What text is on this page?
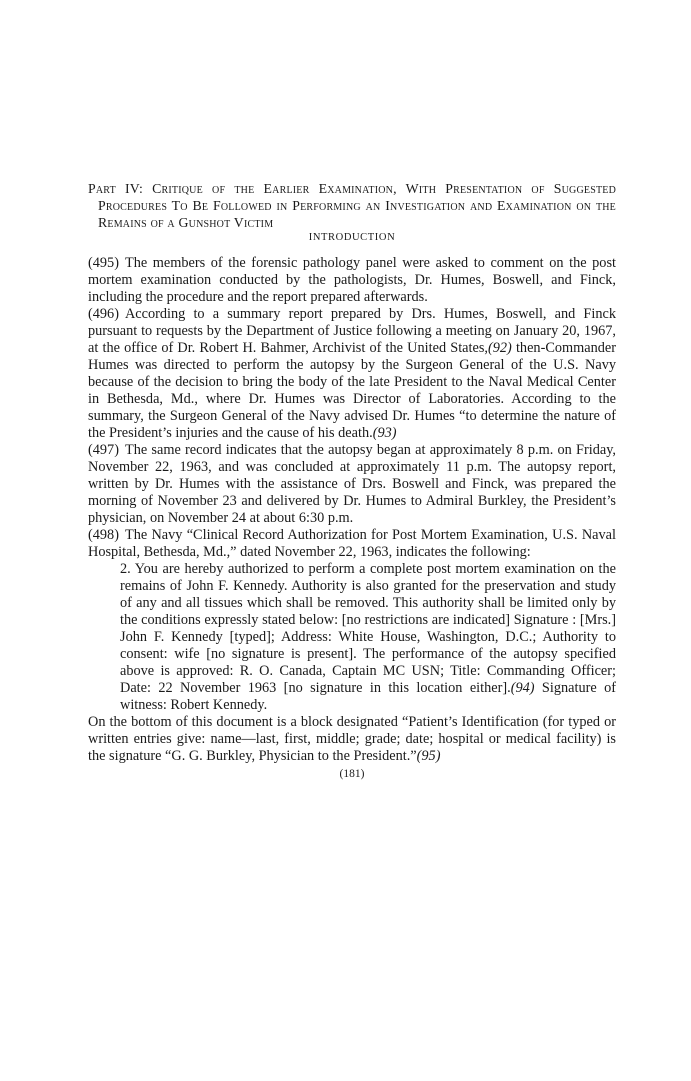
Part IV: Critique of the Earlier Examination, With Presentation of Suggested Procedures To Be Followed in Performing an Investigation and Examination on the Remains of a Gunshot Victim

INTRODUCTION

(495) The members of the forensic pathology panel were asked to comment on the post mortem examination conducted by the pathologists, Dr. Humes, Boswell, and Finck, including the procedure and the report prepared afterwards.

(496) According to a summary report prepared by Drs. Humes, Boswell, and Finck pursuant to requests by the Department of Justice following a meeting on January 20, 1967, at the office of Dr. Robert H. Bahmer, Archivist of the United States,(92) then-Commander Humes was directed to perform the autopsy by the Surgeon General of the U.S. Navy because of the decision to bring the body of the late President to the Naval Medical Center in Bethesda, Md., where Dr. Humes was Director of Laboratories. According to the summary, the Surgeon General of the Navy advised Dr. Humes “to determine the nature of the President’s injuries and the cause of his death.(93)

(497) The same record indicates that the autopsy began at approximately 8 p.m. on Friday, November 22, 1963, and was concluded at approximately 11 p.m. The autopsy report, written by Dr. Humes with the assistance of Drs. Boswell and Finck, was prepared the morning of November 23 and delivered by Dr. Humes to Admiral Burkley, the President’s physician, on November 24 at about 6:30 p.m.

(498) The Navy “Clinical Record Authorization for Post Mortem Examination, U.S. Naval Hospital, Bethesda, Md.,” dated November 22, 1963, indicates the following:

2. You are hereby authorized to perform a complete post mortem examination on the remains of John F. Kennedy. Authority is also granted for the preservation and study of any and all tissues which shall be removed. This authority shall be limited only by the conditions expressly stated below: [no restrictions are indicated] Signature : [Mrs.] John F. Kennedy [typed]; Address: White House, Washington, D.C.; Authority to consent: wife [no signature is present]. The performance of the autopsy specified above is approved: R. O. Canada, Captain MC USN; Title: Commanding Officer; Date: 22 November 1963 [no signature in this location either].(94) Signature of witness: Robert Kennedy.

On the bottom of this document is a block designated “Patient’s Identification (for typed or written entries give: name—last, first, middle; grade; date; hospital or medical facility) is the signature “G. G. Burkley, Physician to the President.”(95)

(181)
